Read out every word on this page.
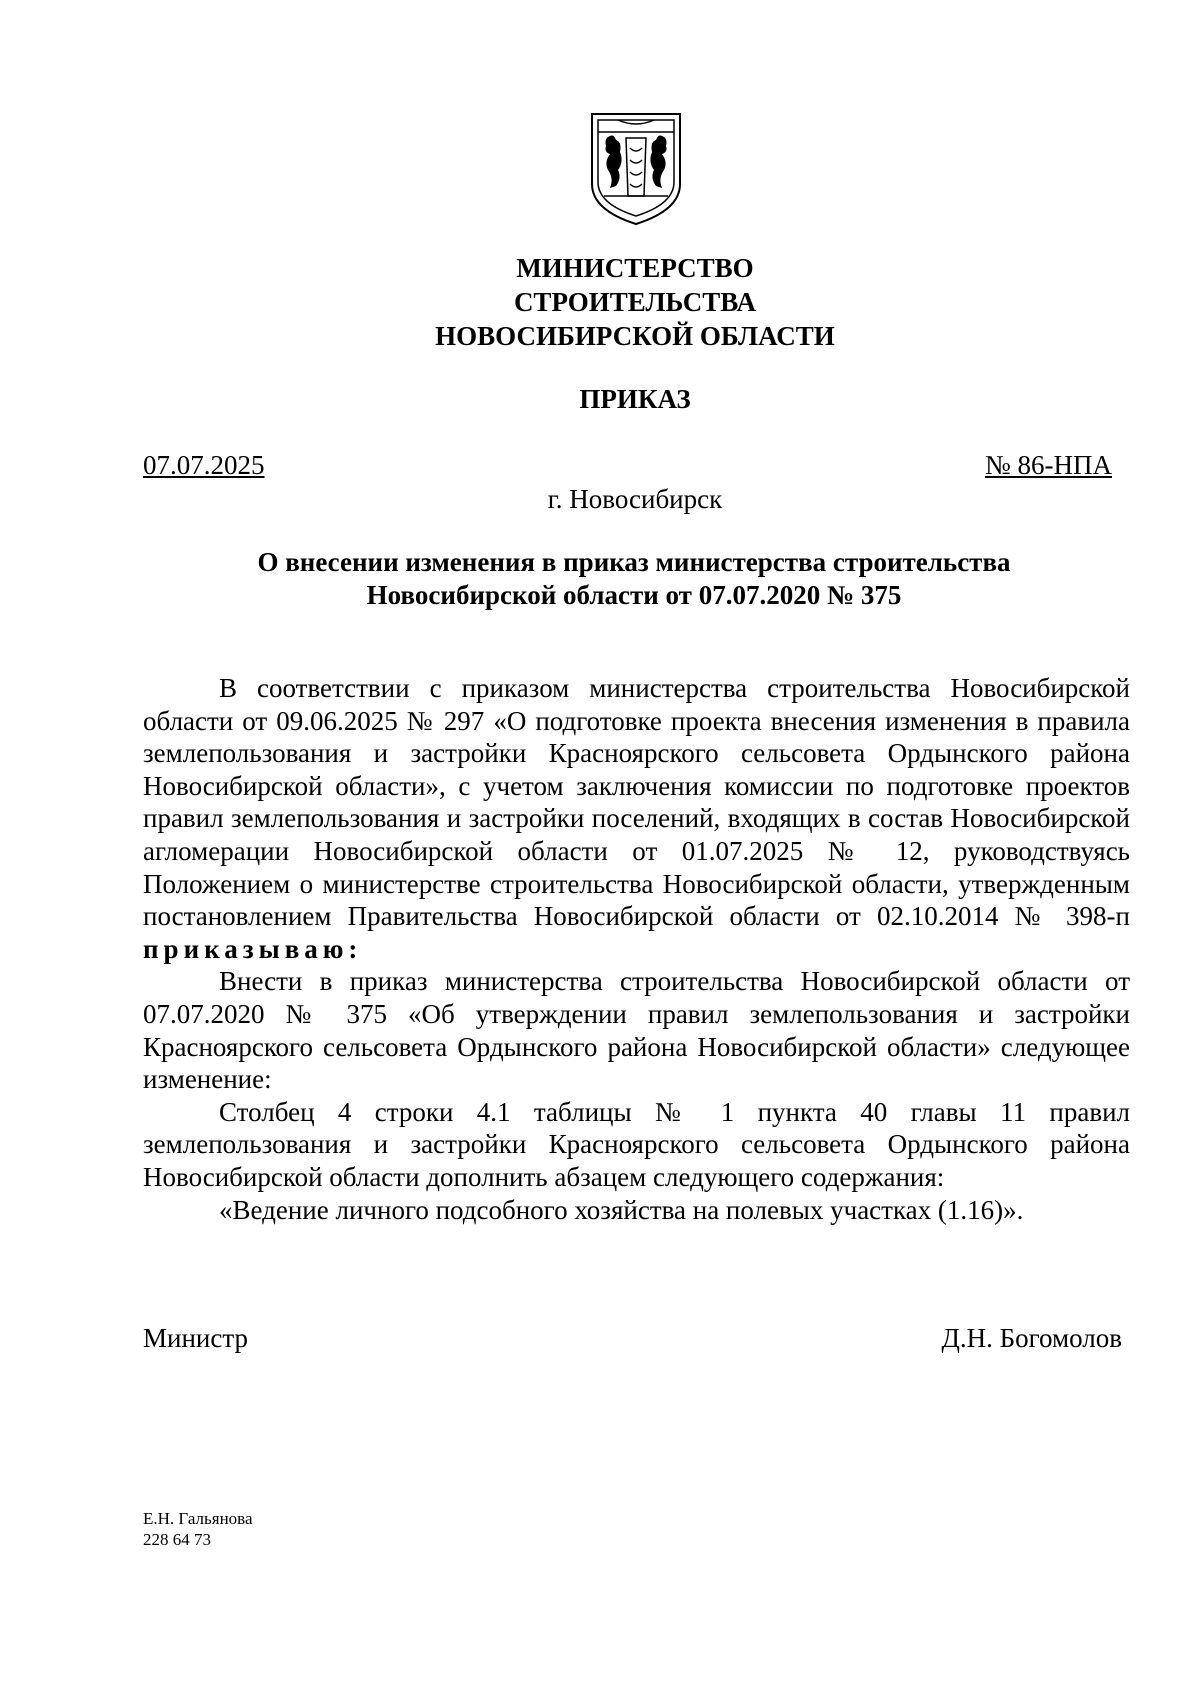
МИНИСТЕРСТВО
СТРОИТЕЛЬСТВА
НОВОСИБИРСКОЙ ОБЛАСТИ
ПРИКАЗ
07.07.2025	№ 86-НПА
г. Новосибирск
О внесении изменения в приказ министерства строительства
Новосибирской области от 07.07.2020 № 375

В соответствии с приказом министерства строительства Новосибирской области от 09.06.2025 № 297 «О подготовке проекта внесения изменения в правила землепользования и застройки Красноярского сельсовета Ордынского района Новосибирской области», с учетом заключения комиссии по подготовке проектов правил землепользования и застройки поселений, входящих в состав Новосибирской агломерации Новосибирской области от 01.07.2025 № 12, руководствуясь Положением о министерстве строительства Новосибирской области, утвержденным постановлением Правительства Новосибирской области от 02.10.2014 № 398-п приказываю:

Внести в приказ министерства строительства Новосибирской области от 07.07.2020 № 375 «Об утверждении правил землепользования и застройки Красноярского сельсовета Ордынского района Новосибирской области» следующее изменение:

Столбец 4 строки 4.1 таблицы № 1 пункта 40 главы 11 правил землепользования и застройки Красноярского сельсовета Ордынского района Новосибирской области дополнить абзацем следующего содержания:

«Ведение личного подсобного хозяйства на полевых участках (1.16)».

Министр	Д.Н. Богомолов
Е.Н. Гальянова
228 64 73
